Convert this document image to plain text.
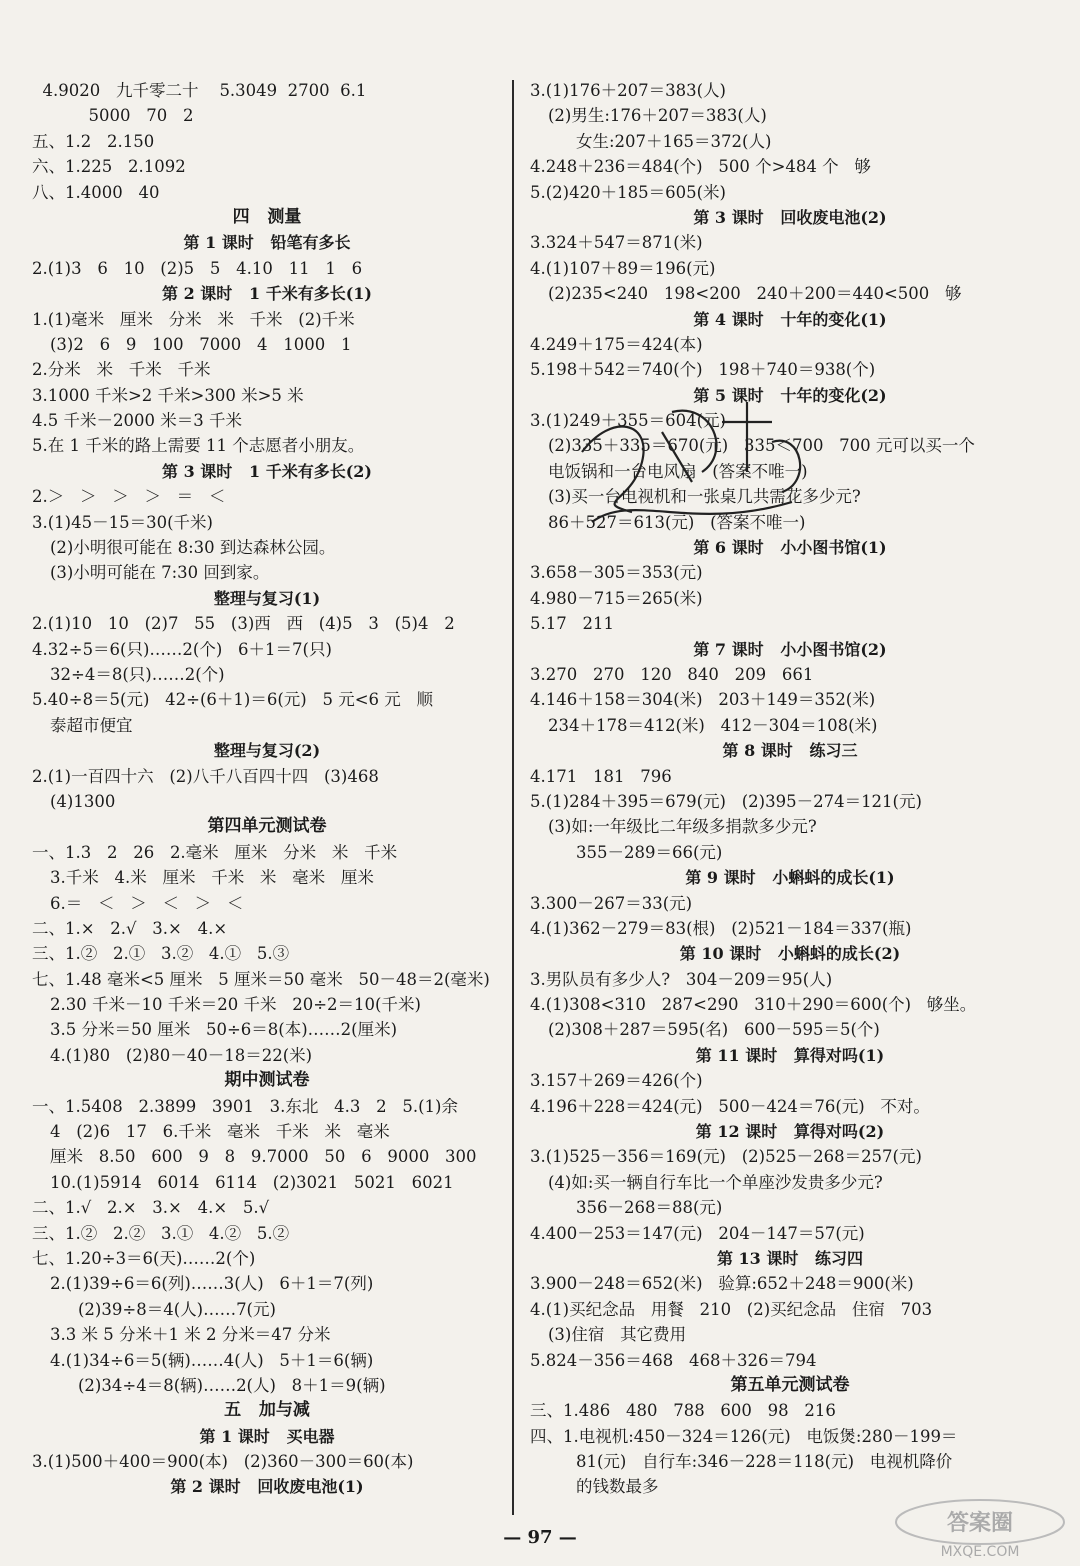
4.9020   九千零二十    5.3049  2700  6.1
5000   70   2
五、1.2   2.150
六、1.225   2.1092
八、1.4000   40
四   测量
第 1 课时   铅笔有多长
2.(1)3   6   10   (2)5   5   4.10   11   1   6
第 2 课时   1 千米有多长(1)
1.(1)毫米   厘米   分米   米   千米   (2)千米
(3)2   6   9   100   7000   4   1000   1
2.分米   米   千米   千米
3.1000 千米>2 千米>300 米>5 米
4.5 千米－2000 米＝3 千米
5.在 1 千米的路上需要 11 个志愿者小朋友。
第 3 课时   1 千米有多长(2)
2.＞   ＞   ＞   ＞   ＝   ＜
3.(1)45－15＝30(千米)
(2)小明很可能在 8:30 到达森林公园。
(3)小明可能在 7:30 回到家。
整理与复习(1)
2.(1)10   10   (2)7   55   (3)西   西   (4)5   3   (5)4   2
4.32÷5＝6(只)……2(个)   6＋1＝7(只)
32÷4＝8(只)……2(个)
5.40÷8＝5(元)   42÷(6＋1)＝6(元)   5 元<6 元   顺
泰超市便宜
整理与复习(2)
2.(1)一百四十六   (2)八千八百四十四   (3)468
(4)1300
第四单元测试卷
一、1.3   2   26   2.毫米   厘米   分米   米   千米
3.千米   4.米   厘米   千米   米   毫米   厘米
6.＝   ＜   ＞   ＜   ＞   ＜
二、1.×   2.√   3.×   4.×
三、1.②   2.①   3.②   4.①   5.③
七、1.48 毫米<5 厘米   5 厘米＝50 毫米   50－48＝2(毫米)
2.30 千米－10 千米＝20 千米   20÷2＝10(千米)
3.5 分米＝50 厘米   50÷6＝8(本)……2(厘米)
4.(1)80   (2)80－40－18＝22(米)
期中测试卷
一、1.5408   2.3899   3901   3.东北   4.3   2   5.(1)余
4   (2)6   17   6.千米   毫米   千米   米   毫米
厘米   8.50   600   9   8   9.7000   50   6   9000   300
10.(1)5914   6014   6114   (2)3021   5021   6021
二、1.√   2.×   3.×   4.×   5.√
三、1.②   2.②   3.①   4.②   5.②
七、1.20÷3＝6(天)……2(个)
2.(1)39÷6＝6(列)……3(人)   6＋1＝7(列)
(2)39÷8＝4(人)……7(元)
3.3 米 5 分米＋1 米 2 分米＝47 分米
4.(1)34÷6＝5(辆)……4(人)   5＋1＝6(辆)
(2)34÷4＝8(辆)……2(人)   8＋1＝9(辆)
五   加与减
第 1 课时   买电器
3.(1)500＋400＝900(本)   (2)360－300＝60(本)
第 2 课时   回收废电池(1)
3.(1)176＋207＝383(人)
(2)男生:176＋207＝383(人)
女生:207＋165＝372(人)
4.248＋236＝484(个)   500 个>484 个   够
5.(2)420＋185＝605(米)
第 3 课时   回收废电池(2)
3.324＋547＝871(米)
4.(1)107＋89＝196(元)
(2)235<240   198<200   240＋200＝440<500   够
第 4 课时   十年的变化(1)
4.249＋175＝424(本)
5.198＋542＝740(个)   198＋740＝938(个)
第 5 课时   十年的变化(2)
3.(1)249＋355＝604(元)
(2)335＋335＝670(元)   335＜700   700 元可以买一个
电饭锅和一台电风扇   (答案不唯一)
(3)买一台电视机和一张桌几共需花多少元?
86＋527＝613(元)   (答案不唯一)
第 6 课时   小小图书馆(1)
3.658－305＝353(元)
4.980－715＝265(米)
5.17   211
第 7 课时   小小图书馆(2)
3.270   270   120   840   209   661
4.146＋158＝304(米)   203＋149＝352(米)
234＋178＝412(米)   412－304＝108(米)
第 8 课时   练习三
4.171   181   796
5.(1)284＋395＝679(元)   (2)395－274＝121(元)
(3)如:一年级比二年级多捐款多少元?
355－289＝66(元)
第 9 课时   小蝌蚪的成长(1)
3.300－267＝33(元)
4.(1)362－279＝83(根)   (2)521－184＝337(瓶)
第 10 课时   小蝌蚪的成长(2)
3.男队员有多少人?   304－209＝95(人)
4.(1)308<310   287<290   310＋290＝600(个)   够坐。
(2)308＋287＝595(名)   600－595＝5(个)
第 11 课时   算得对吗(1)
3.157＋269＝426(个)
4.196＋228＝424(元)   500－424＝76(元)   不对。
第 12 课时   算得对吗(2)
3.(1)525－356＝169(元)   (2)525－268＝257(元)
(4)如:买一辆自行车比一个单座沙发贵多少元?
356－268＝88(元)
4.400－253＝147(元)   204－147＝57(元)
第 13 课时   练习四
3.900－248＝652(米)   验算:652＋248＝900(米)
4.(1)买纪念品   用餐   210   (2)买纪念品   住宿   703
(3)住宿   其它费用
5.824－356＝468   468＋326＝794
第五单元测试卷
三、1.486   480   788   600   98   216
四、1.电视机:450－324＝126(元)   电饭煲:280－199＝
81(元)   自行车:346－228＝118(元)   电视机降价
的钱数最多
— 97 —
答案圈
MXQE.COM
